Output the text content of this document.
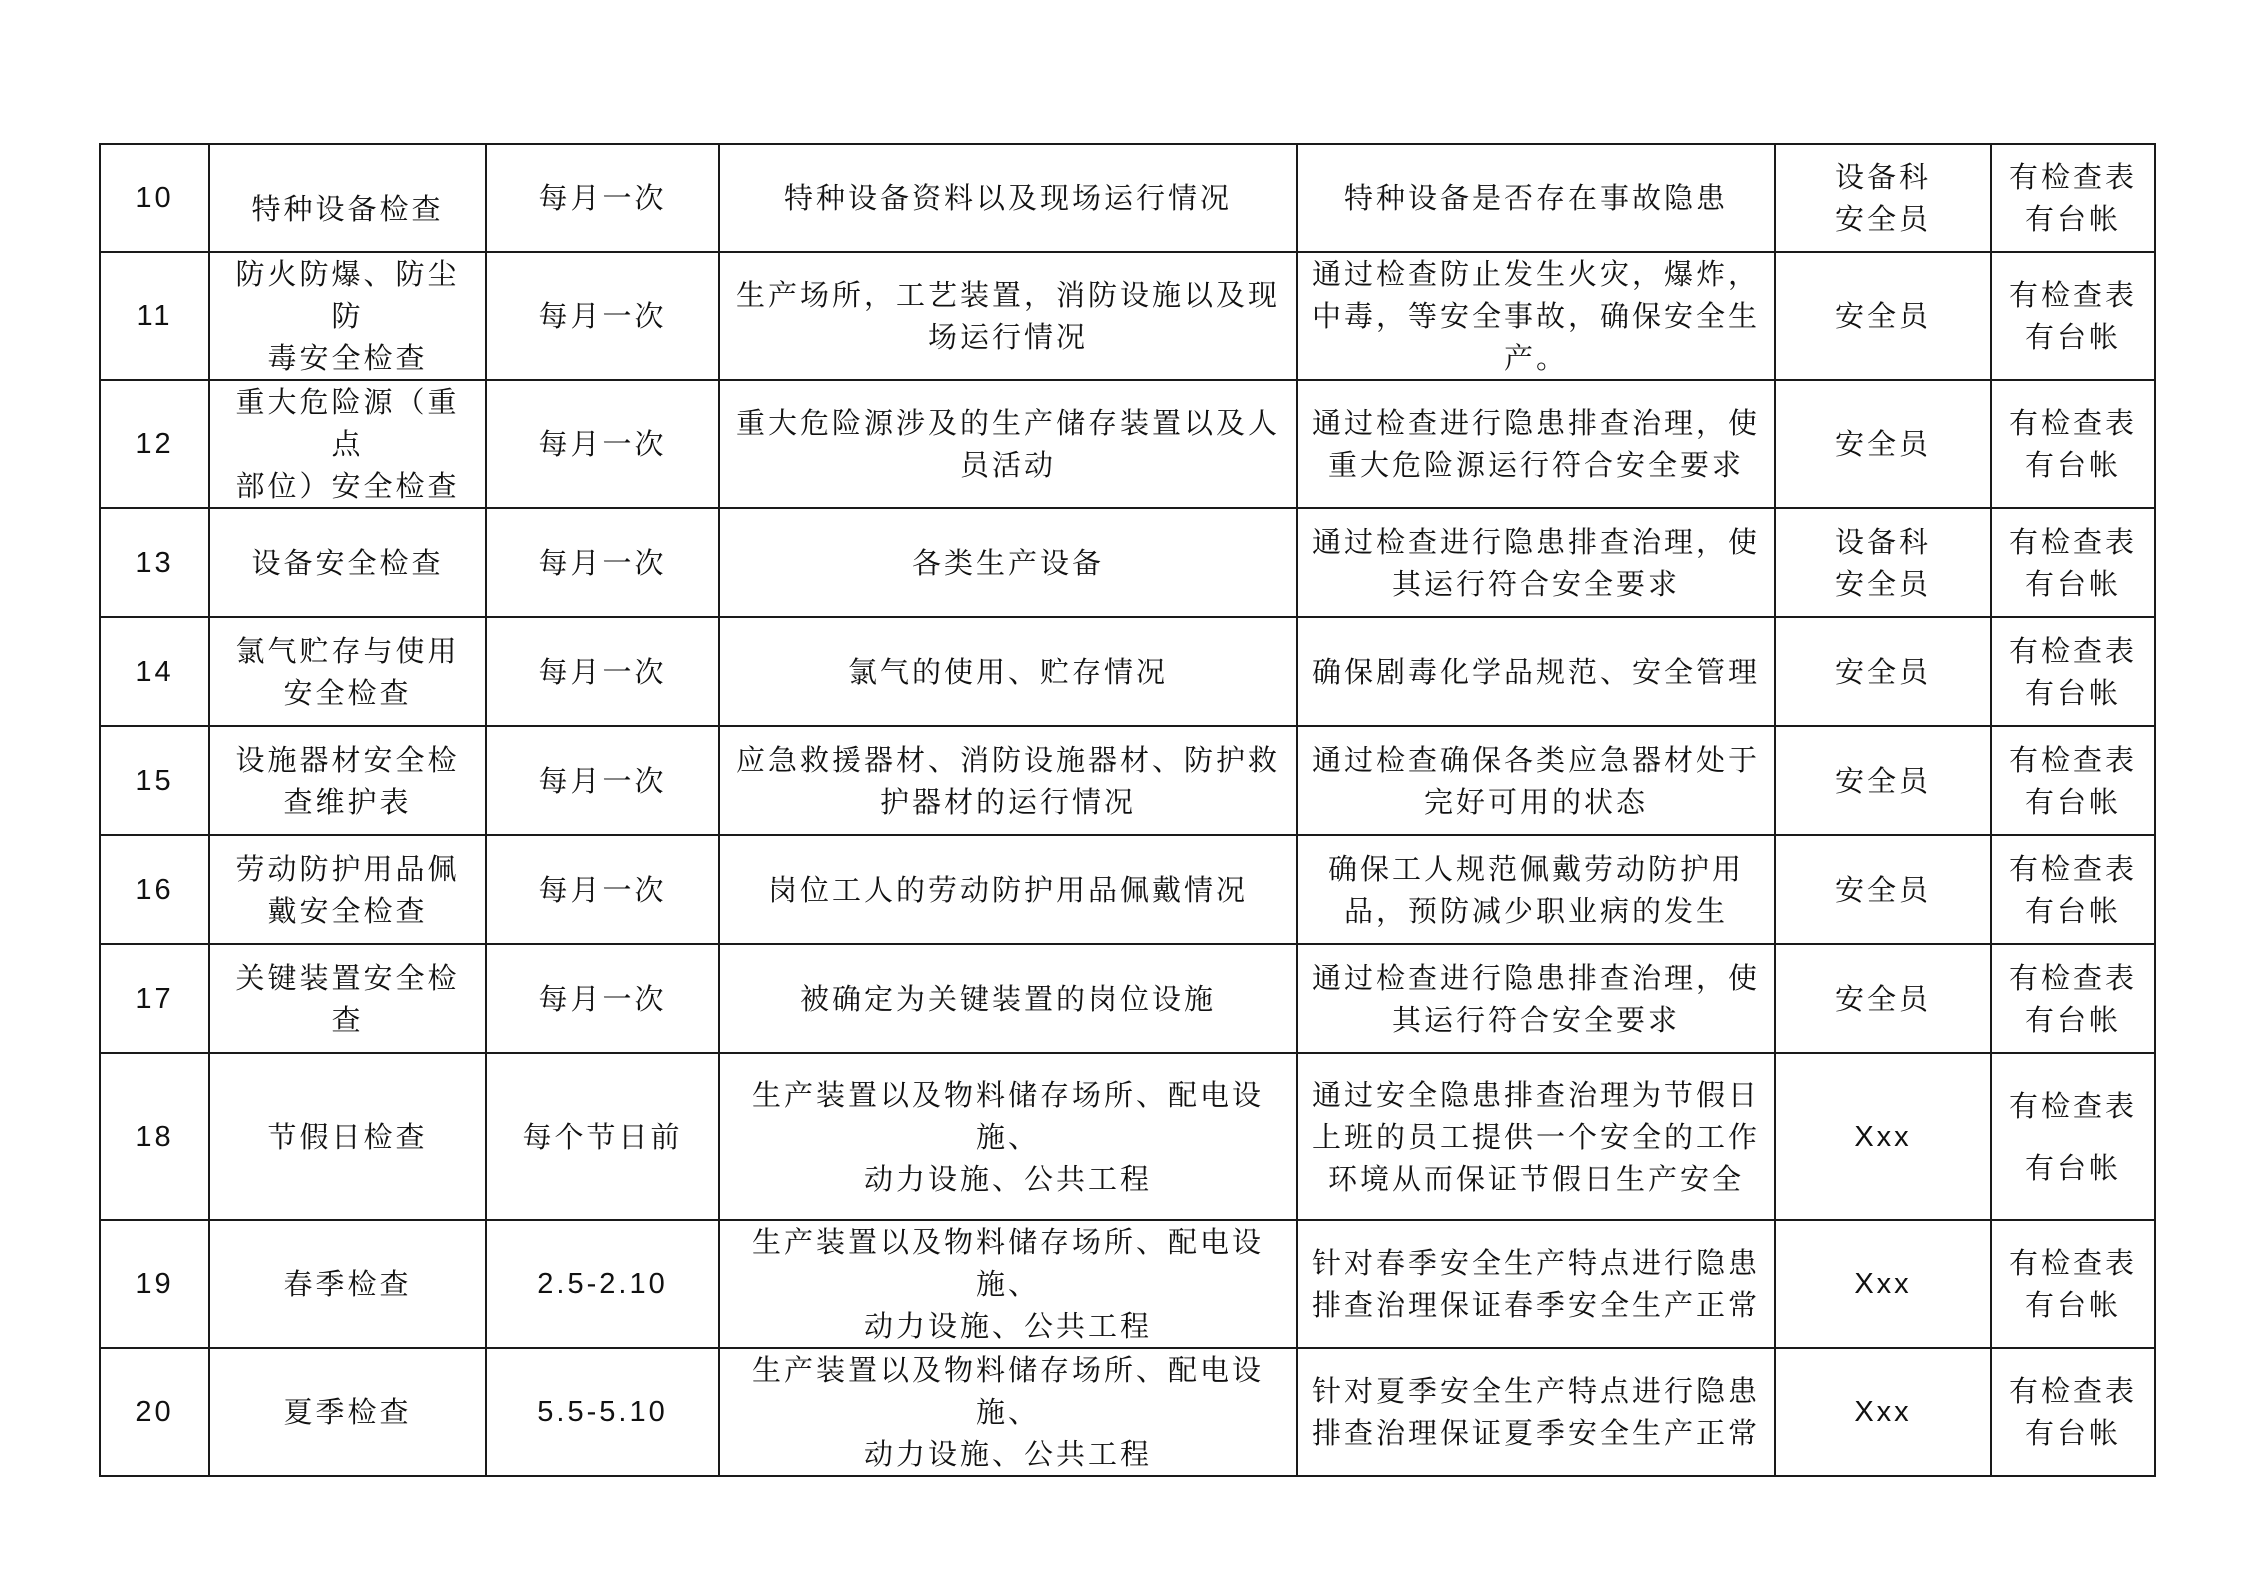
10	特种设备检查	每月一次	特种设备资料以及现场运行情况	特种设备是否存在事故隐患	设备科
安全员	有检查表
有台帐

11	防火防爆、防尘防
毒安全检查	每月一次	生产场所，工艺装置，消防设施以及现
场运行情况	通过检查防止发生火灾，爆炸，
中毒，等安全事故，确保安全生
产。	安全员	有检查表
有台帐

12	重大危险源（重点
部位）安全检查	每月一次	重大危险源涉及的生产储存装置以及人
员活动	通过检查进行隐患排查治理，使
重大危险源运行符合安全要求	安全员	有检查表
有台帐

13	设备安全检查	每月一次	各类生产设备	通过检查进行隐患排查治理，使
其运行符合安全要求	设备科
安全员	有检查表
有台帐

14	氯气贮存与使用
安全检查	每月一次	氯气的使用、贮存情况	确保剧毒化学品规范、安全管理	安全员	有检查表
有台帐

15	设施器材安全检
查维护表	每月一次	应急救援器材、消防设施器材、防护救
护器材的运行情况	通过检查确保各类应急器材处于
完好可用的状态	安全员	有检查表
有台帐

16	劳动防护用品佩
戴安全检查	每月一次	岗位工人的劳动防护用品佩戴情况	确保工人规范佩戴劳动防护用
品，预防减少职业病的发生	安全员	有检查表
有台帐

17	关键装置安全检
查	每月一次	被确定为关键装置的岗位设施	通过检查进行隐患排查治理，使
其运行符合安全要求	安全员	有检查表
有台帐

18	节假日检查	每个节日前	生产装置以及物料储存场所、配电设施、
动力设施、公共工程	通过安全隐患排查治理为节假日
上班的员工提供一个安全的工作
环境从而保证节假日生产安全	Xxx	有检查表
有台帐

19	春季检查	2.5-2.10	生产装置以及物料储存场所、配电设施、
动力设施、公共工程	针对春季安全生产特点进行隐患
排查治理保证春季安全生产正常	Xxx	有检查表
有台帐

20	夏季检查	5.5-5.10	生产装置以及物料储存场所、配电设施、
动力设施、公共工程	针对夏季安全生产特点进行隐患
排查治理保证夏季安全生产正常	Xxx	有检查表
有台帐
